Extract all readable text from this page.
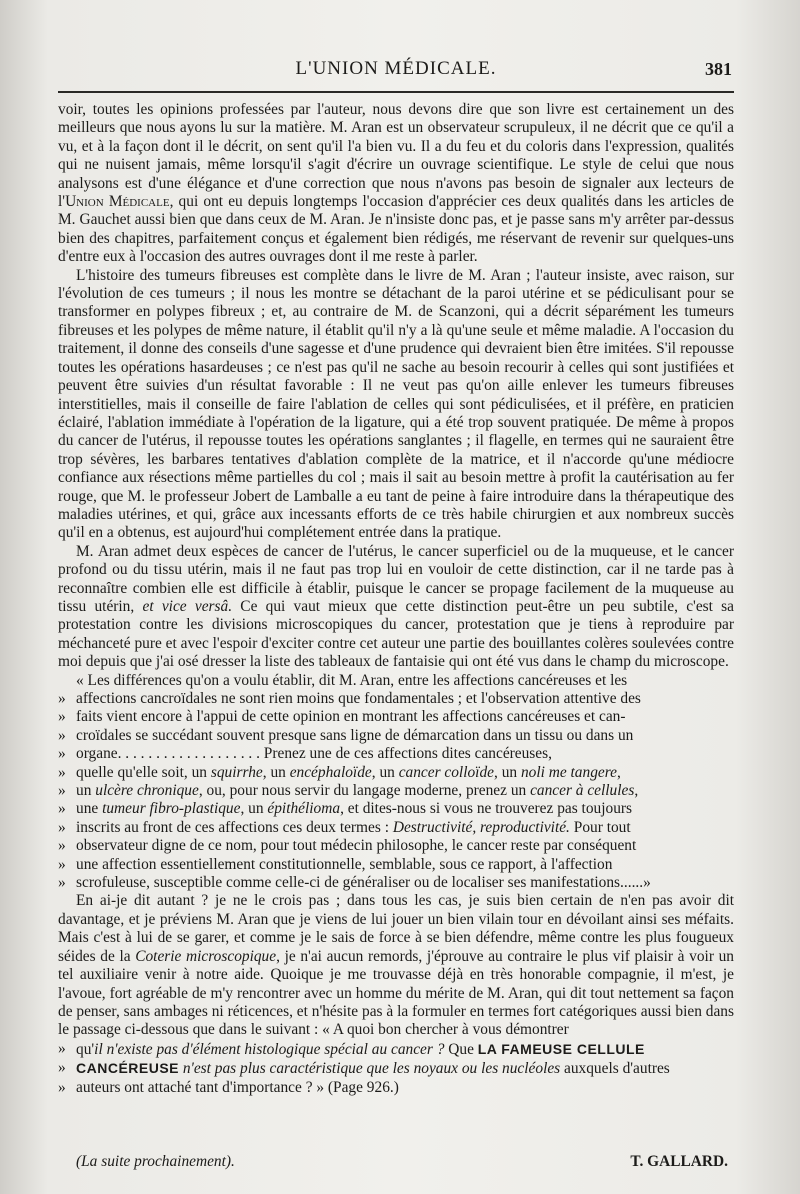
L'UNION MÉDICALE.	381

voir, toutes les opinions professées par l'auteur, nous devons dire que son livre est certainement un des meilleurs que nous ayons lu sur la matière. M. Aran est un observateur scrupuleux, il ne décrit que ce qu'il a vu, et à la façon dont il le décrit, on sent qu'il l'a bien vu. Il a du feu et du coloris dans l'expression, qualités qui ne nuisent jamais, même lorsqu'il s'agit d'écrire un ouvrage scientifique. Le style de celui que nous analysons est d'une élégance et d'une correction que nous n'avons pas besoin de signaler aux lecteurs de l'Union Médicale, qui ont eu depuis longtemps l'occasion d'apprécier ces deux qualités dans les articles de M. Gauchet aussi bien que dans ceux de M. Aran. Je n'insiste donc pas, et je passe sans m'y arrêter par-dessus bien des chapitres, parfaitement conçus et également bien rédigés, me réservant de revenir sur quelques-uns d'entre eux à l'occasion des autres ouvrages dont il me reste à parler.

L'histoire des tumeurs fibreuses est complète dans le livre de M. Aran ; l'auteur insiste, avec raison, sur l'évolution de ces tumeurs ; il nous les montre se détachant de la paroi utérine et se pédiculisant pour se transformer en polypes fibreux ; et, au contraire de M. de Scanzoni, qui a décrit séparément les tumeurs fibreuses et les polypes de même nature, il établit qu'il n'y a là qu'une seule et même maladie. A l'occasion du traitement, il donne des conseils d'une sagesse et d'une prudence qui devraient bien être imitées. S'il repousse toutes les opérations hasardeuses ; ce n'est pas qu'il ne sache au besoin recourir à celles qui sont justifiées et peuvent être suivies d'un résultat favorable : Il ne veut pas qu'on aille enlever les tumeurs fibreuses interstitielles, mais il conseille de faire l'ablation de celles qui sont pédiculisées, et il préfère, en praticien éclairé, l'ablation immédiate à l'opération de la ligature, qui a été trop souvent pratiquée. De même à propos du cancer de l'utérus, il repousse toutes les opérations sanglantes ; il flagelle, en termes qui ne sauraient être trop sévères, les barbares tentatives d'ablation complète de la matrice, et il n'accorde qu'une médiocre confiance aux résections même partielles du col ; mais il sait au besoin mettre à profit la cautérisation au fer rouge, que M. le professeur Jobert de Lamballe a eu tant de peine à faire introduire dans la thérapeutique des maladies utérines, et qui, grâce aux incessants efforts de ce très habile chirurgien et aux nombreux succès qu'il en a obtenus, est aujourd'hui complétement entrée dans la pratique.

M. Aran admet deux espèces de cancer de l'utérus, le cancer superficiel ou de la muqueuse, et le cancer profond ou du tissu utérin, mais il ne faut pas trop lui en vouloir de cette distinction, car il ne tarde pas à reconnaître combien elle est difficile à établir, puisque le cancer se propage facilement de la muqueuse au tissu utérin, et vice versâ. Ce qui vaut mieux que cette distinction peut-être un peu subtile, c'est sa protestation contre les divisions microscopiques du cancer, protestation que je tiens à reproduire par méchanceté pure et avec l'espoir d'exciter contre cet auteur une partie des bouillantes colères soulevées contre moi depuis que j'ai osé dresser la liste des tableaux de fantaisie qui ont été vus dans le champ du microscope.

« Les différences qu'on a voulu établir, dit M. Aran, entre les affections cancéreuses et les

» affections cancroïdales ne sont rien moins que fondamentales ; et l'observation attentive des
» faits vient encore à l'appui de cette opinion en montrant les affections cancéreuses et can-
» croïdales se succédant souvent presque sans ligne de démarcation dans un tissu ou dans un
» organe. . . . . . . . . . . . . . . . . . . Prenez une de ces affections dites cancéreuses,
» quelle qu'elle soit, un squirrhe, un encéphaloïde, un cancer colloïde, un noli me tangere,
» un ulcère chronique, ou, pour nous servir du langage moderne, prenez un cancer à cellules,
» une tumeur fibro-plastique, un épithélioma, et dites-nous si vous ne trouverez pas toujours
» inscrits au front de ces affections ces deux termes : Destructivité, reproductivité. Pour tout
» observateur digne de ce nom, pour tout médecin philosophe, le cancer reste par conséquent
» une affection essentiellement constitutionnelle, semblable, sous ce rapport, à l'affection
» scrofuleuse, susceptible comme celle-ci de généraliser ou de localiser ses manifestations......»

En ai-je dit autant ? je ne le crois pas ; dans tous les cas, je suis bien certain de n'en pas avoir dit davantage, et je préviens M. Aran que je viens de lui jouer un bien vilain tour en dévoilant ainsi ses méfaits. Mais c'est à lui de se garer, et comme je le sais de force à se bien défendre, même contre les plus fougueux séides de la Coterie microscopique, je n'ai aucun remords, j'éprouve au contraire le plus vif plaisir à voir un tel auxiliaire venir à notre aide. Quoique je me trouvasse déjà en très honorable compagnie, il m'est, je l'avoue, fort agréable de m'y rencontrer avec un homme du mérite de M. Aran, qui dit tout nettement sa façon de penser, sans ambages ni réticences, et n'hésite pas à la formuler en termes fort catégoriques aussi bien dans le passage ci-dessous que dans le suivant : « A quoi bon chercher à vous démontrer

» qu'il n'existe pas d'élément histologique spécial au cancer ? Que LA FAMEUSE CELLULE
» CANCÉREUSE n'est pas plus caractéristique que les noyaux ou les nucléoles auxquels d'autres
» auteurs ont attaché tant d'importance ? » (Page 926.)
(La suite prochainement).	T. GALLARD.
